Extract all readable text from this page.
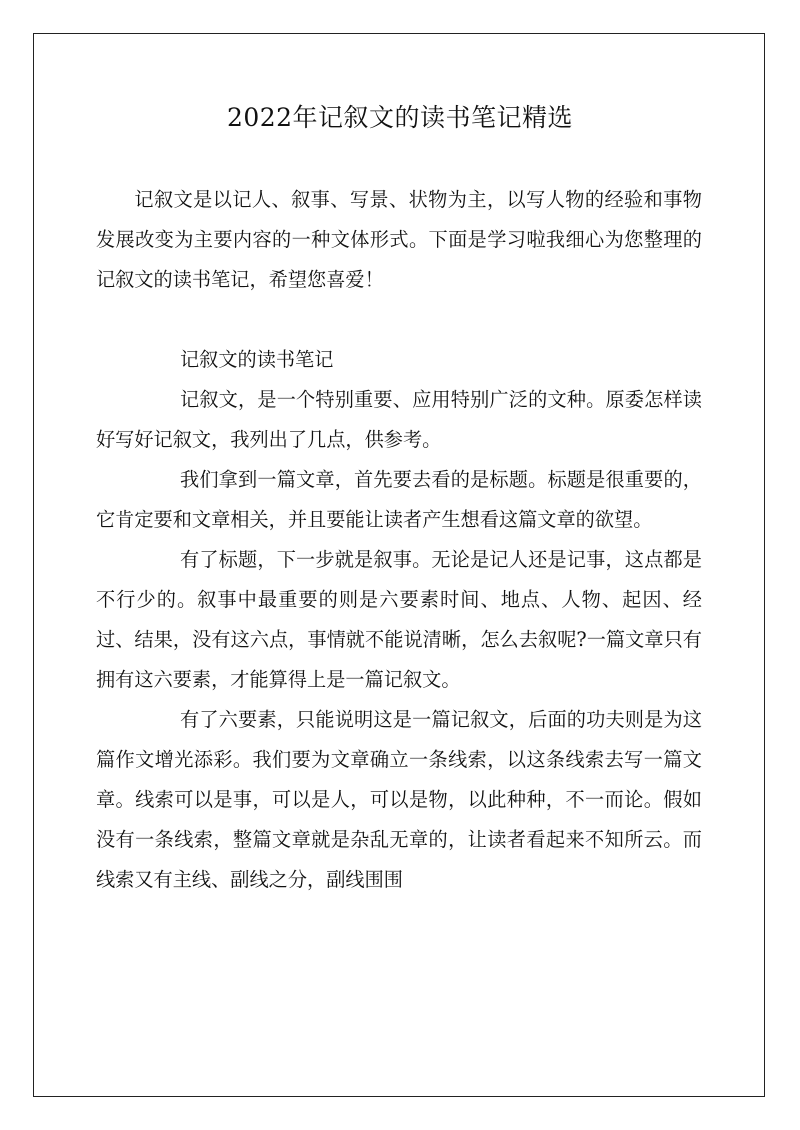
2022年记叙文的读书笔记精选

记叙文是以记人、叙事、写景、状物为主，以写人物的经验和事物发展改变为主要内容的一种文体形式。下面是学习啦我细心为您整理的记叙文的读书笔记，希望您喜爱！

记叙文的读书笔记

记叙文，是一个特别重要、应用特别广泛的文种。原委怎样读好写好记叙文，我列出了几点，供参考。

我们拿到一篇文章，首先要去看的是标题。标题是很重要的，它肯定要和文章相关，并且要能让读者产生想看这篇文章的欲望。

有了标题，下一步就是叙事。无论是记人还是记事，这点都是不行少的。叙事中最重要的则是六要素时间、地点、人物、起因、经过、结果，没有这六点，事情就不能说清晰，怎么去叙呢?一篇文章只有拥有这六要素，才能算得上是一篇记叙文。

有了六要素，只能说明这是一篇记叙文，后面的功夫则是为这篇作文增光添彩。我们要为文章确立一条线索，以这条线索去写一篇文章。线索可以是事，可以是人，可以是物，以此种种，不一而论。假如没有一条线索，整篇文章就是杂乱无章的，让读者看起来不知所云。而线索又有主线、副线之分，副线围围
